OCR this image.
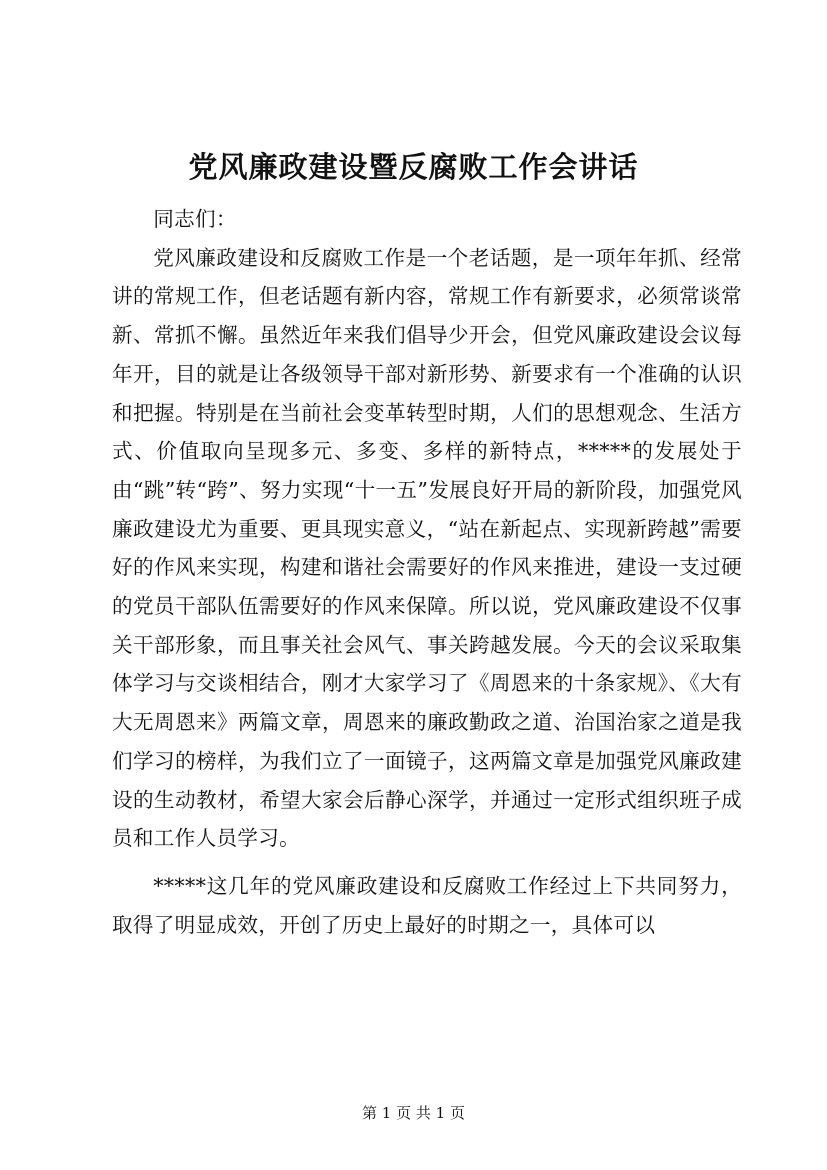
党风廉政建设暨反腐败工作会讲话

同志们：

党风廉政建设和反腐败工作是一个老话题，是一项年年抓、经常讲的常规工作，但老话题有新内容，常规工作有新要求，必须常谈常新、常抓不懈。虽然近年来我们倡导少开会，但党风廉政建设会议每年开，目的就是让各级领导干部对新形势、新要求有一个准确的认识和把握。特别是在当前社会变革转型时期，人们的思想观念、生活方式、价值取向呈现多元、多变、多样的新特点，*****的发展处于由“跳”转“跨”、努力实现“十一五”发展良好开局的新阶段，加强党风廉政建设尤为重要、更具现实意义，“站在新起点、实现新跨越”需要好的作风来实现，构建和谐社会需要好的作风来推进，建设一支过硬的党员干部队伍需要好的作风来保障。所以说，党风廉政建设不仅事关干部形象，而且事关社会风气、事关跨越发展。今天的会议采取集体学习与交谈相结合，刚才大家学习了《周恩来的十条家规》、《大有大无周恩来》两篇文章，周恩来的廉政勤政之道、治国治家之道是我们学习的榜样，为我们立了一面镜子，这两篇文章是加强党风廉政建设的生动教材，希望大家会后静心深学，并通过一定形式组织班子成员和工作人员学习。

*****这几年的党风廉政建设和反腐败工作经过上下共同努力，取得了明显成效，开创了历史上最好的时期之一，具体可以

第 1 页 共 1 页
